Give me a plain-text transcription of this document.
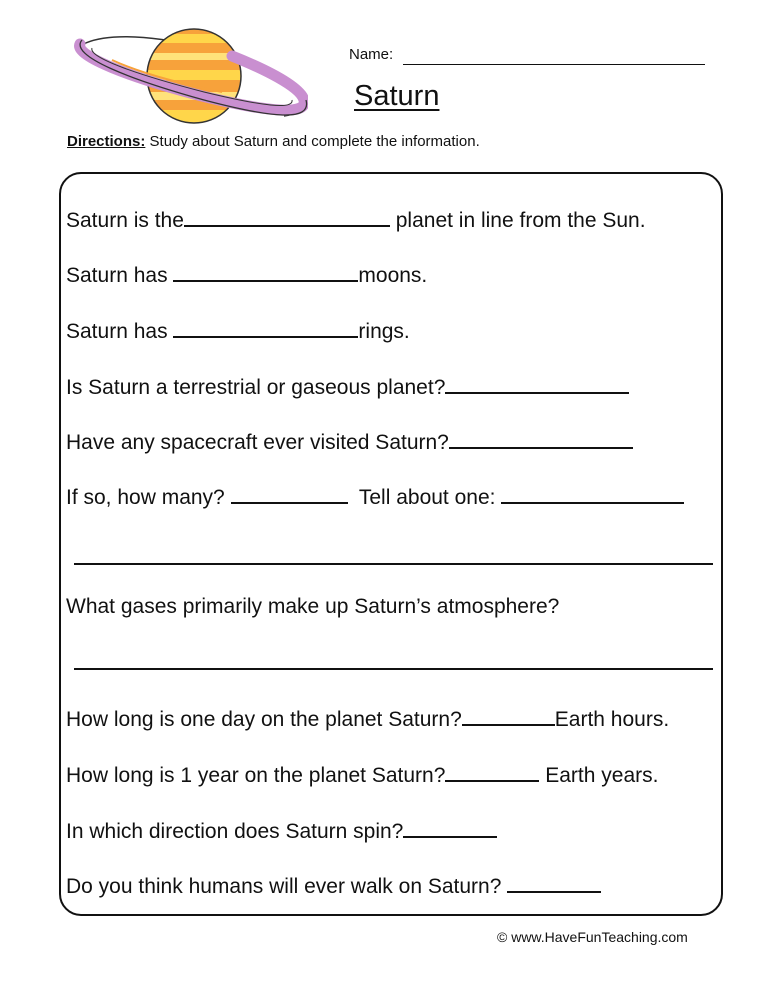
Name:
Saturn
Directions: Study about Saturn and complete the information.
Saturn is the	planet in line from the Sun.
Saturn has	moons.
Saturn has	rings.
Is Saturn a terrestrial or gaseous planet?
Have any spacecraft ever visited Saturn?
If so, how many?	Tell about one:
What gases primarily make up Saturn’s atmosphere?
How long is one day on the planet Saturn?	Earth hours.
How long is 1 year on the planet Saturn?	Earth years.
In which direction does Saturn spin?
Do you think humans will ever walk on Saturn?
© www.HaveFunTeaching.com
